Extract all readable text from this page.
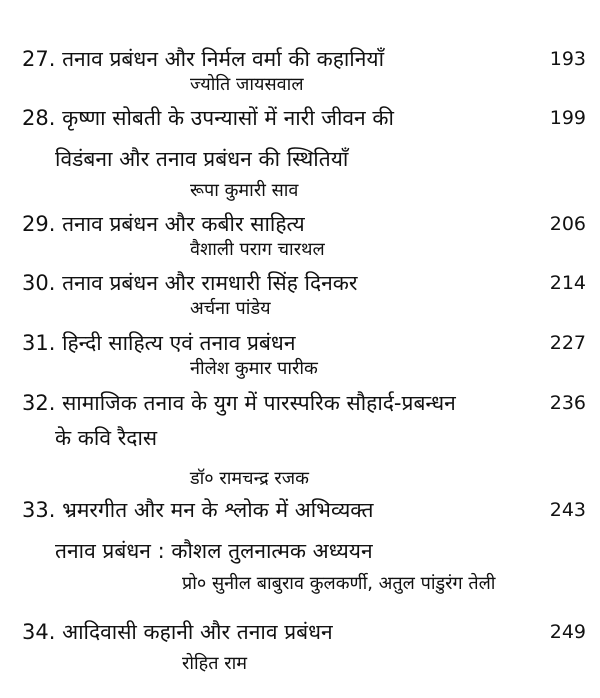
27. तनाव प्रबंधन और निर्मल वर्मा की कहानियाँ
ज्योति जायसवाल
193
28. कृष्णा सोबती के उपन्यासों में नारी जीवन की
विडंबना और तनाव प्रबंधन की स्थितियाँ
रूपा कुमारी साव
199
29. तनाव प्रबंधन और कबीर साहित्य
वैशाली पराग चारथल
206
30. तनाव प्रबंधन और रामधारी सिंह दिनकर
अर्चना पांडेय
214
31. हिन्दी साहित्य एवं तनाव प्रबंधन
नीलेश कुमार पारीक
227
32. सामाजिक तनाव के युग में पारस्परिक सौहार्द-प्रबन्धन
के कवि रैदास
डॉ० रामचन्द्र रजक
236
33. भ्रमरगीत और मन के श्लोक में अभिव्यक्त
तनाव प्रबंधन : कौशल तुलनात्मक अध्ययन
प्रो० सुनील बाबुराव कुलकर्णी, अतुल पांडुरंग तेली
243
34. आदिवासी कहानी और तनाव प्रबंधन
रोहित राम
249
